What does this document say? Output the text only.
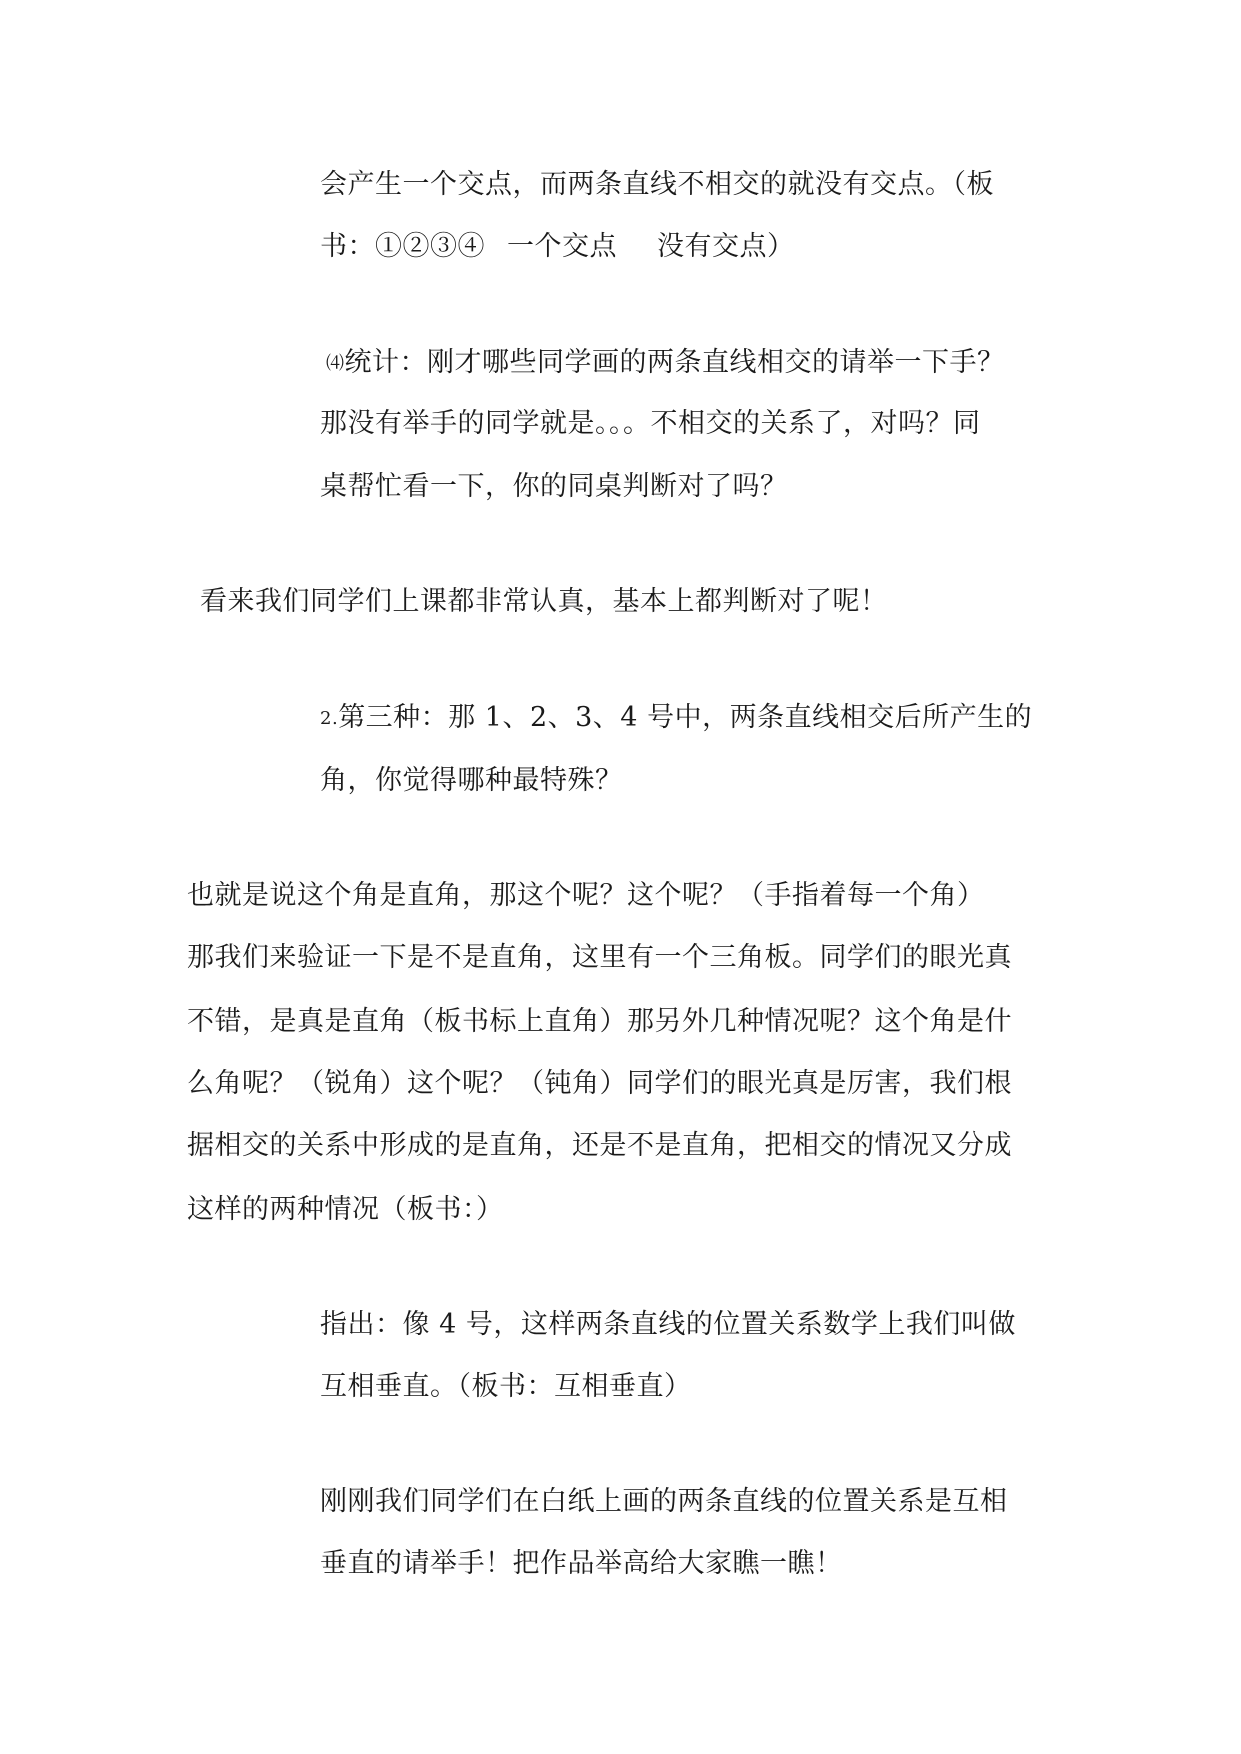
会产生一个交点，而两条直线不相交的就没有交点。（板
书：①②③④ 一个交点 没有交点）
⑷统计：刚才哪些同学画的两条直线相交的请举一下手？
那没有举手的同学就是。。。不相交的关系了，对吗？同
桌帮忙看一下，你的同桌判断对了吗？
看来我们同学们上课都非常认真，基本上都判断对了呢！
2.第三种：那 1、2、3、4 号中，两条直线相交后所产生的
角，你觉得哪种最特殊？
也就是说这个角是直角，那这个呢？这个呢？（手指着每一个角）
那我们来验证一下是不是直角，这里有一个三角板。同学们的眼光真
不错，是真是直角（板书标上直角）那另外几种情况呢？这个角是什
么角呢？（锐角）这个呢？（钝角）同学们的眼光真是厉害，我们根
据相交的关系中形成的是直角，还是不是直角，把相交的情况又分成
这样的两种情况（板书：）
指出：像 4 号，这样两条直线的位置关系数学上我们叫做
互相垂直。（板书：互相垂直）
刚刚我们同学们在白纸上画的两条直线的位置关系是互相
垂直的请举手！把作品举高给大家瞧一瞧！
